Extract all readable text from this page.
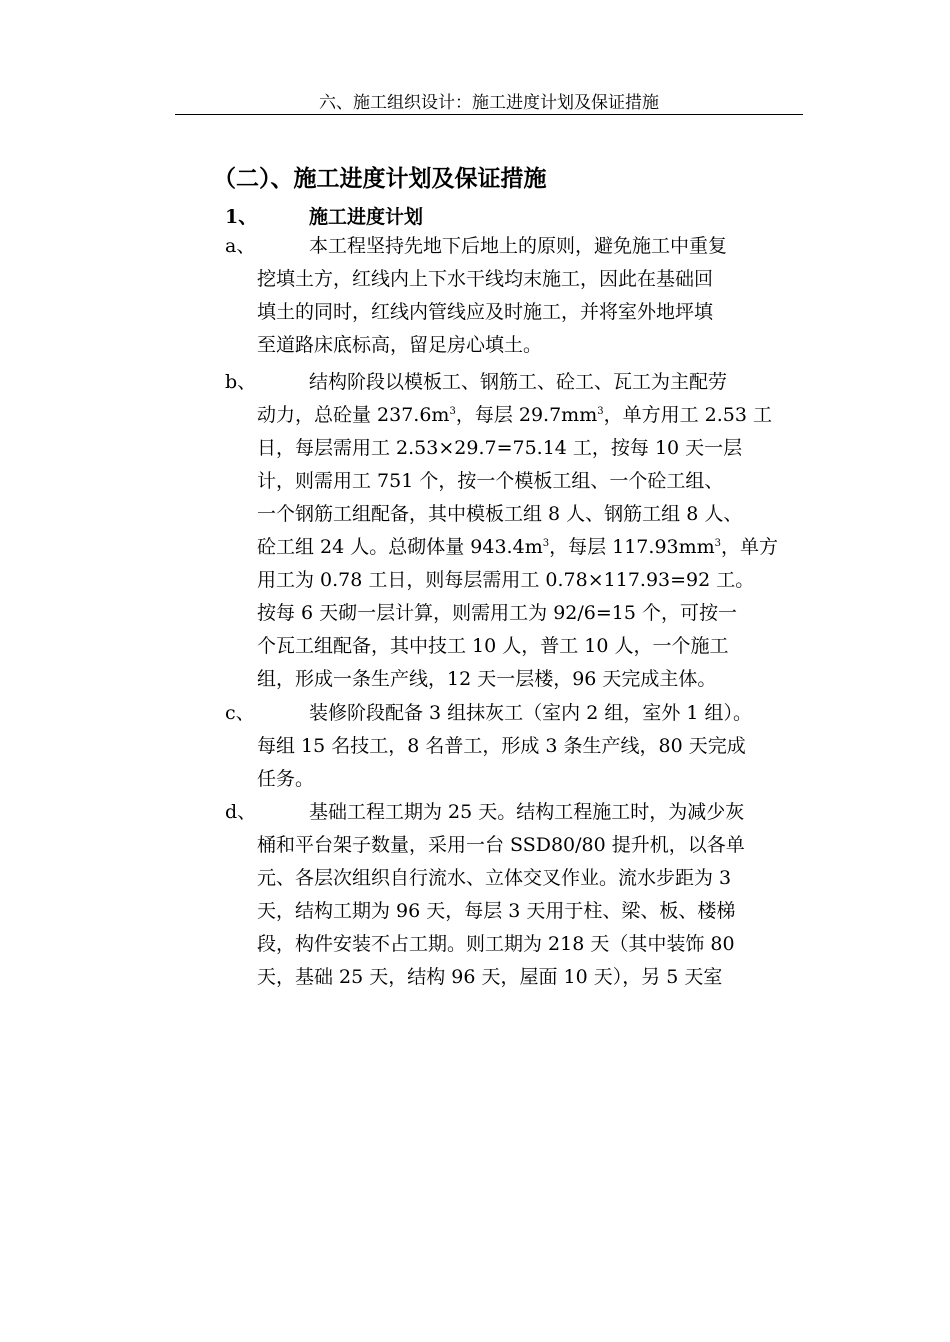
六、施工组织设计：施工进度计划及保证措施
（二）、施工进度计划及保证措施
1、	施工进度计划
a、	本工程坚持先地下后地上的原则，避免施工中重复
挖填土方，红线内上下水干线均末施工，因此在基础回
填土的同时，红线内管线应及时施工，并将室外地坪填
至道路床底标高，留足房心填土。
b、	结构阶段以模板工、钢筋工、砼工、瓦工为主配劳
动力，总砼量 $237.6m^3$，每层 $29.7mm^3$，单方用工 2.53 工
日，每层需用工 2.53×29.7=75.14 工，按每 10 天一层
计，则需用工 751 个，按一个模板工组、一个砼工组、
一个钢筋工组配备，其中模板工组 8 人、钢筋工组 8 人、
砼工组 24 人。总砌体量 $943.4m^3$，每层 $117.93mm^3$，单方
用工为 0.78 工日，则每层需用工 0.78×117.93=92 工。
按每 6 天砌一层计算，则需用工为 92/6=15 个，可按一
个瓦工组配备，其中技工 10 人，普工 10 人，一个施工
组，形成一条生产线，12 天一层楼，96 天完成主体。
c、	装修阶段配备 3 组抹灰工（室内 2 组，室外 1 组）。
每组 15 名技工，8 名普工，形成 3 条生产线，80 天完成
任务。
d、	基础工程工期为 25 天。结构工程施工时，为减少灰
桶和平台架子数量，采用一台 SSD80/80 提升机，以各单
元、各层次组织自行流水、立体交叉作业。流水步距为 3
天，结构工期为 96 天，每层 3 天用于柱、梁、板、楼梯
段，构件安装不占工期。则工期为 218 天（其中装饰 80
天，基础 25 天，结构 96 天，屋面 10 天），另 5 天室
